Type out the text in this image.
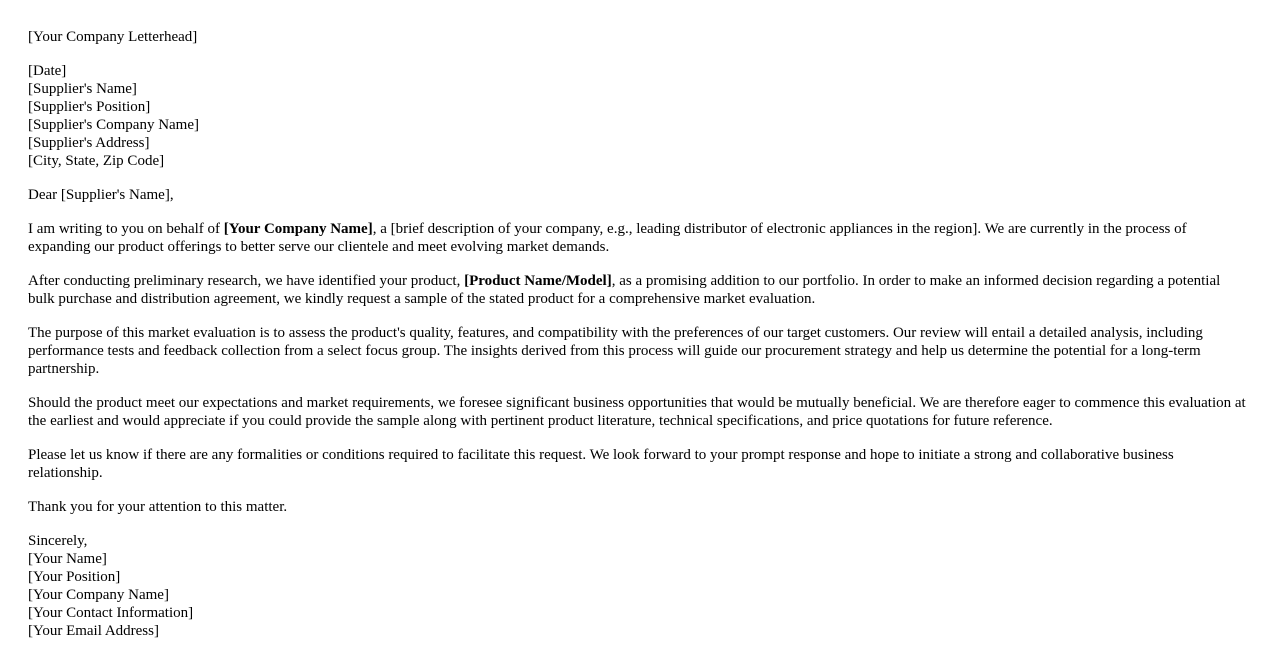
[Your Company Letterhead]
[Date]
[Supplier's Name]
[Supplier's Position]
[Supplier's Company Name]
[Supplier's Address]
[City, State, Zip Code]

Dear [Supplier's Name],

I am writing to you on behalf of [Your Company Name], a [brief description of your company, e.g., leading distributor of electronic appliances in the region]. We are currently in the process of expanding our product offerings to better serve our clientele and meet evolving market demands.

After conducting preliminary research, we have identified your product, [Product Name/Model], as a promising addition to our portfolio. In order to make an informed decision regarding a potential bulk purchase and distribution agreement, we kindly request a sample of the stated product for a comprehensive market evaluation.

The purpose of this market evaluation is to assess the product's quality, features, and compatibility with the preferences of our target customers. Our review will entail a detailed analysis, including performance tests and feedback collection from a select focus group. The insights derived from this process will guide our procurement strategy and help us determine the potential for a long-term partnership.

Should the product meet our expectations and market requirements, we foresee significant business opportunities that would be mutually beneficial. We are therefore eager to commence this evaluation at the earliest and would appreciate if you could provide the sample along with pertinent product literature, technical specifications, and price quotations for future reference.

Please let us know if there are any formalities or conditions required to facilitate this request. We look forward to your prompt response and hope to initiate a strong and collaborative business relationship.

Thank you for your attention to this matter.

Sincerely,
[Your Name]
[Your Position]
[Your Company Name]
[Your Contact Information]
[Your Email Address]
